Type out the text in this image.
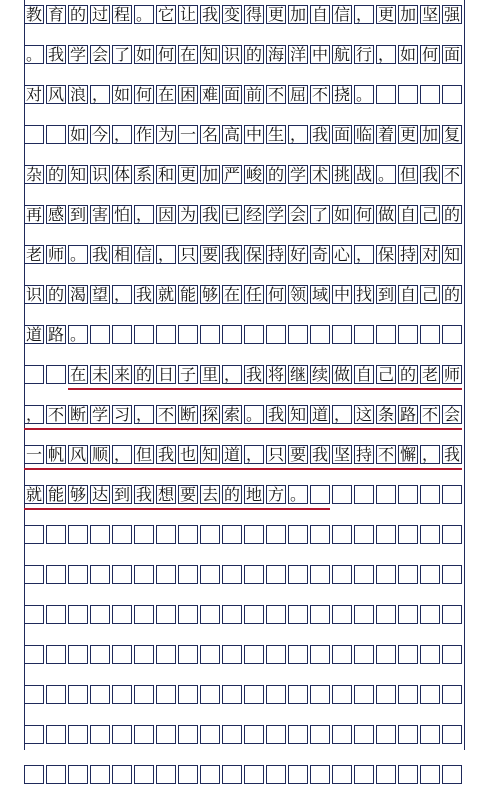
教 育 的 过 程 。 它 让 我 变 得 更 加 自 信 ， 更 加 坚 强
。 我 学 会 了 如 何 在 知 识 的 海 洋 中 航 行 ， 如 何 面
对 风 浪 ， 如 何 在 困 难 面 前 不 屈 不 挠 。
如 今 ， 作 为 一 名 高 中 生 ， 我 面 临 着 更 加 复
杂 的 知 识 体 系 和 更 加 严 峻 的 学 术 挑 战 。 但 我 不
再 感 到 害 怕 ， 因 为 我 已 经 学 会 了 如 何 做 自 己 的
老 师 。 我 相 信 ， 只 要 我 保 持 好 奇 心 ， 保 持 对 知
识 的 渴 望 ， 我 就 能 够 在 任 何 领 域 中 找 到 自 己 的
道 路 。
在 未 来 的 日 子 里 ， 我 将 继 续 做 自 己 的 老 师
， 不 断 学 习 ， 不 断 探 索 。 我 知 道 ， 这 条 路 不 会
一 帆 风 顺 ， 但 我 也 知 道 ， 只 要 我 坚 持 不 懈 ， 我
就 能 够 达 到 我 想 要 去 的 地 方 。
